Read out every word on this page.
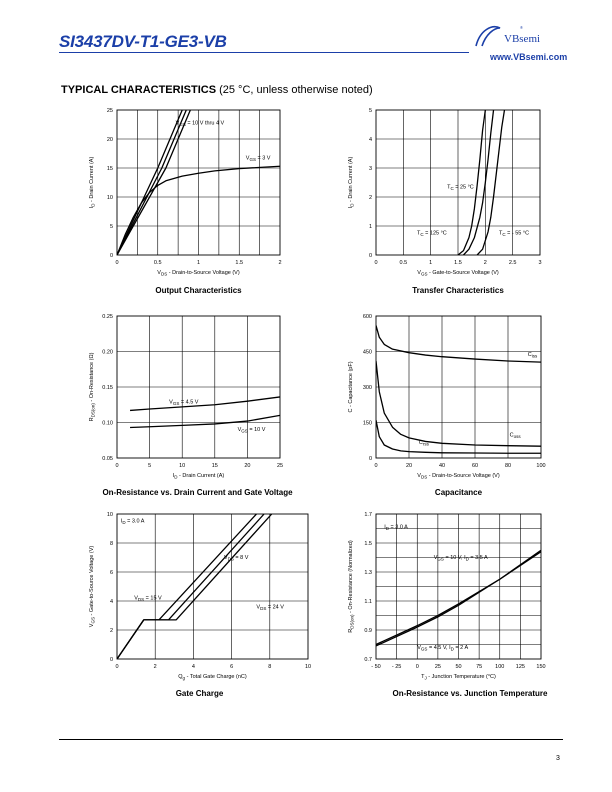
SI3437DV-T1-GE3-VB	VBsemi
®
www.VBsemi.com
TYPICAL CHARACTERISTICS (25 °C, unless otherwise noted)
0	0.5	1	1.5	2
0
5
10
15
20
25
$V_{DS}$ - Drain-to-Source Voltage (V)
$I_D$ - Drain Current (A)
$V_{GS} = 10$ V thru 4 V
$V_{GS} = 3$ V
Output Characteristics
0	0.5	1	1.5	2	2.5	3
0
1
2
3
4
5
$V_{GS}$ - Gate-to-Source Voltage (V)
$I_D$ - Drain Current (A)	$T_C = 25$ °C
$T_C = 125$ °C	$T_C$ = - 55 °C
Transfer Characteristics
0	5	10	15	20	25
0.05
0.10
0.15
0.20
0.25
$I_D$ - Drain Current (A)
$R_{DS(on)}$ - On-Resistance (Ω)	$V_{GS} = 4.5$ V
$V_{GS} = 10$ V
On-Resistance vs. Drain Current and Gate Voltage
0	20	40	60	80	100
0
150
300
450
600
$V_{DS}$ - Drain-to-Source Voltage (V)
C - Capacitance (pF)
$C_{iss}$
$C_{oss}$
$C_{rss}$
Capacitance
0	2	4	6	8	10
0
2
4
6
8
10
$Q_g$ - Total Gate Charge (nC)
$V_{GS}$ - Gate-to-Source Voltage (V)
$I_D = 3.0$ A
$V_{DS} = 8$ V
$V_{DS} = 15$ V
$V_{DS} = 24$ V
Gate Charge
- 50 - 25	0	25	50	75 100 125 150
0.7
0.9
1.1
1.3
1.5
1.7
$T_J$ - Junction Temperature (°C)
$R_{DS(on)}$ - On-Resistance (Normalized)
$I_D = 3.0$ A
$V_{GS} = 10$ V, $I_D = 3.5$ A
$V_{GS} = 4.5$ V, $I_D = 2$ A
On-Resistance vs. Junction Temperature
3
